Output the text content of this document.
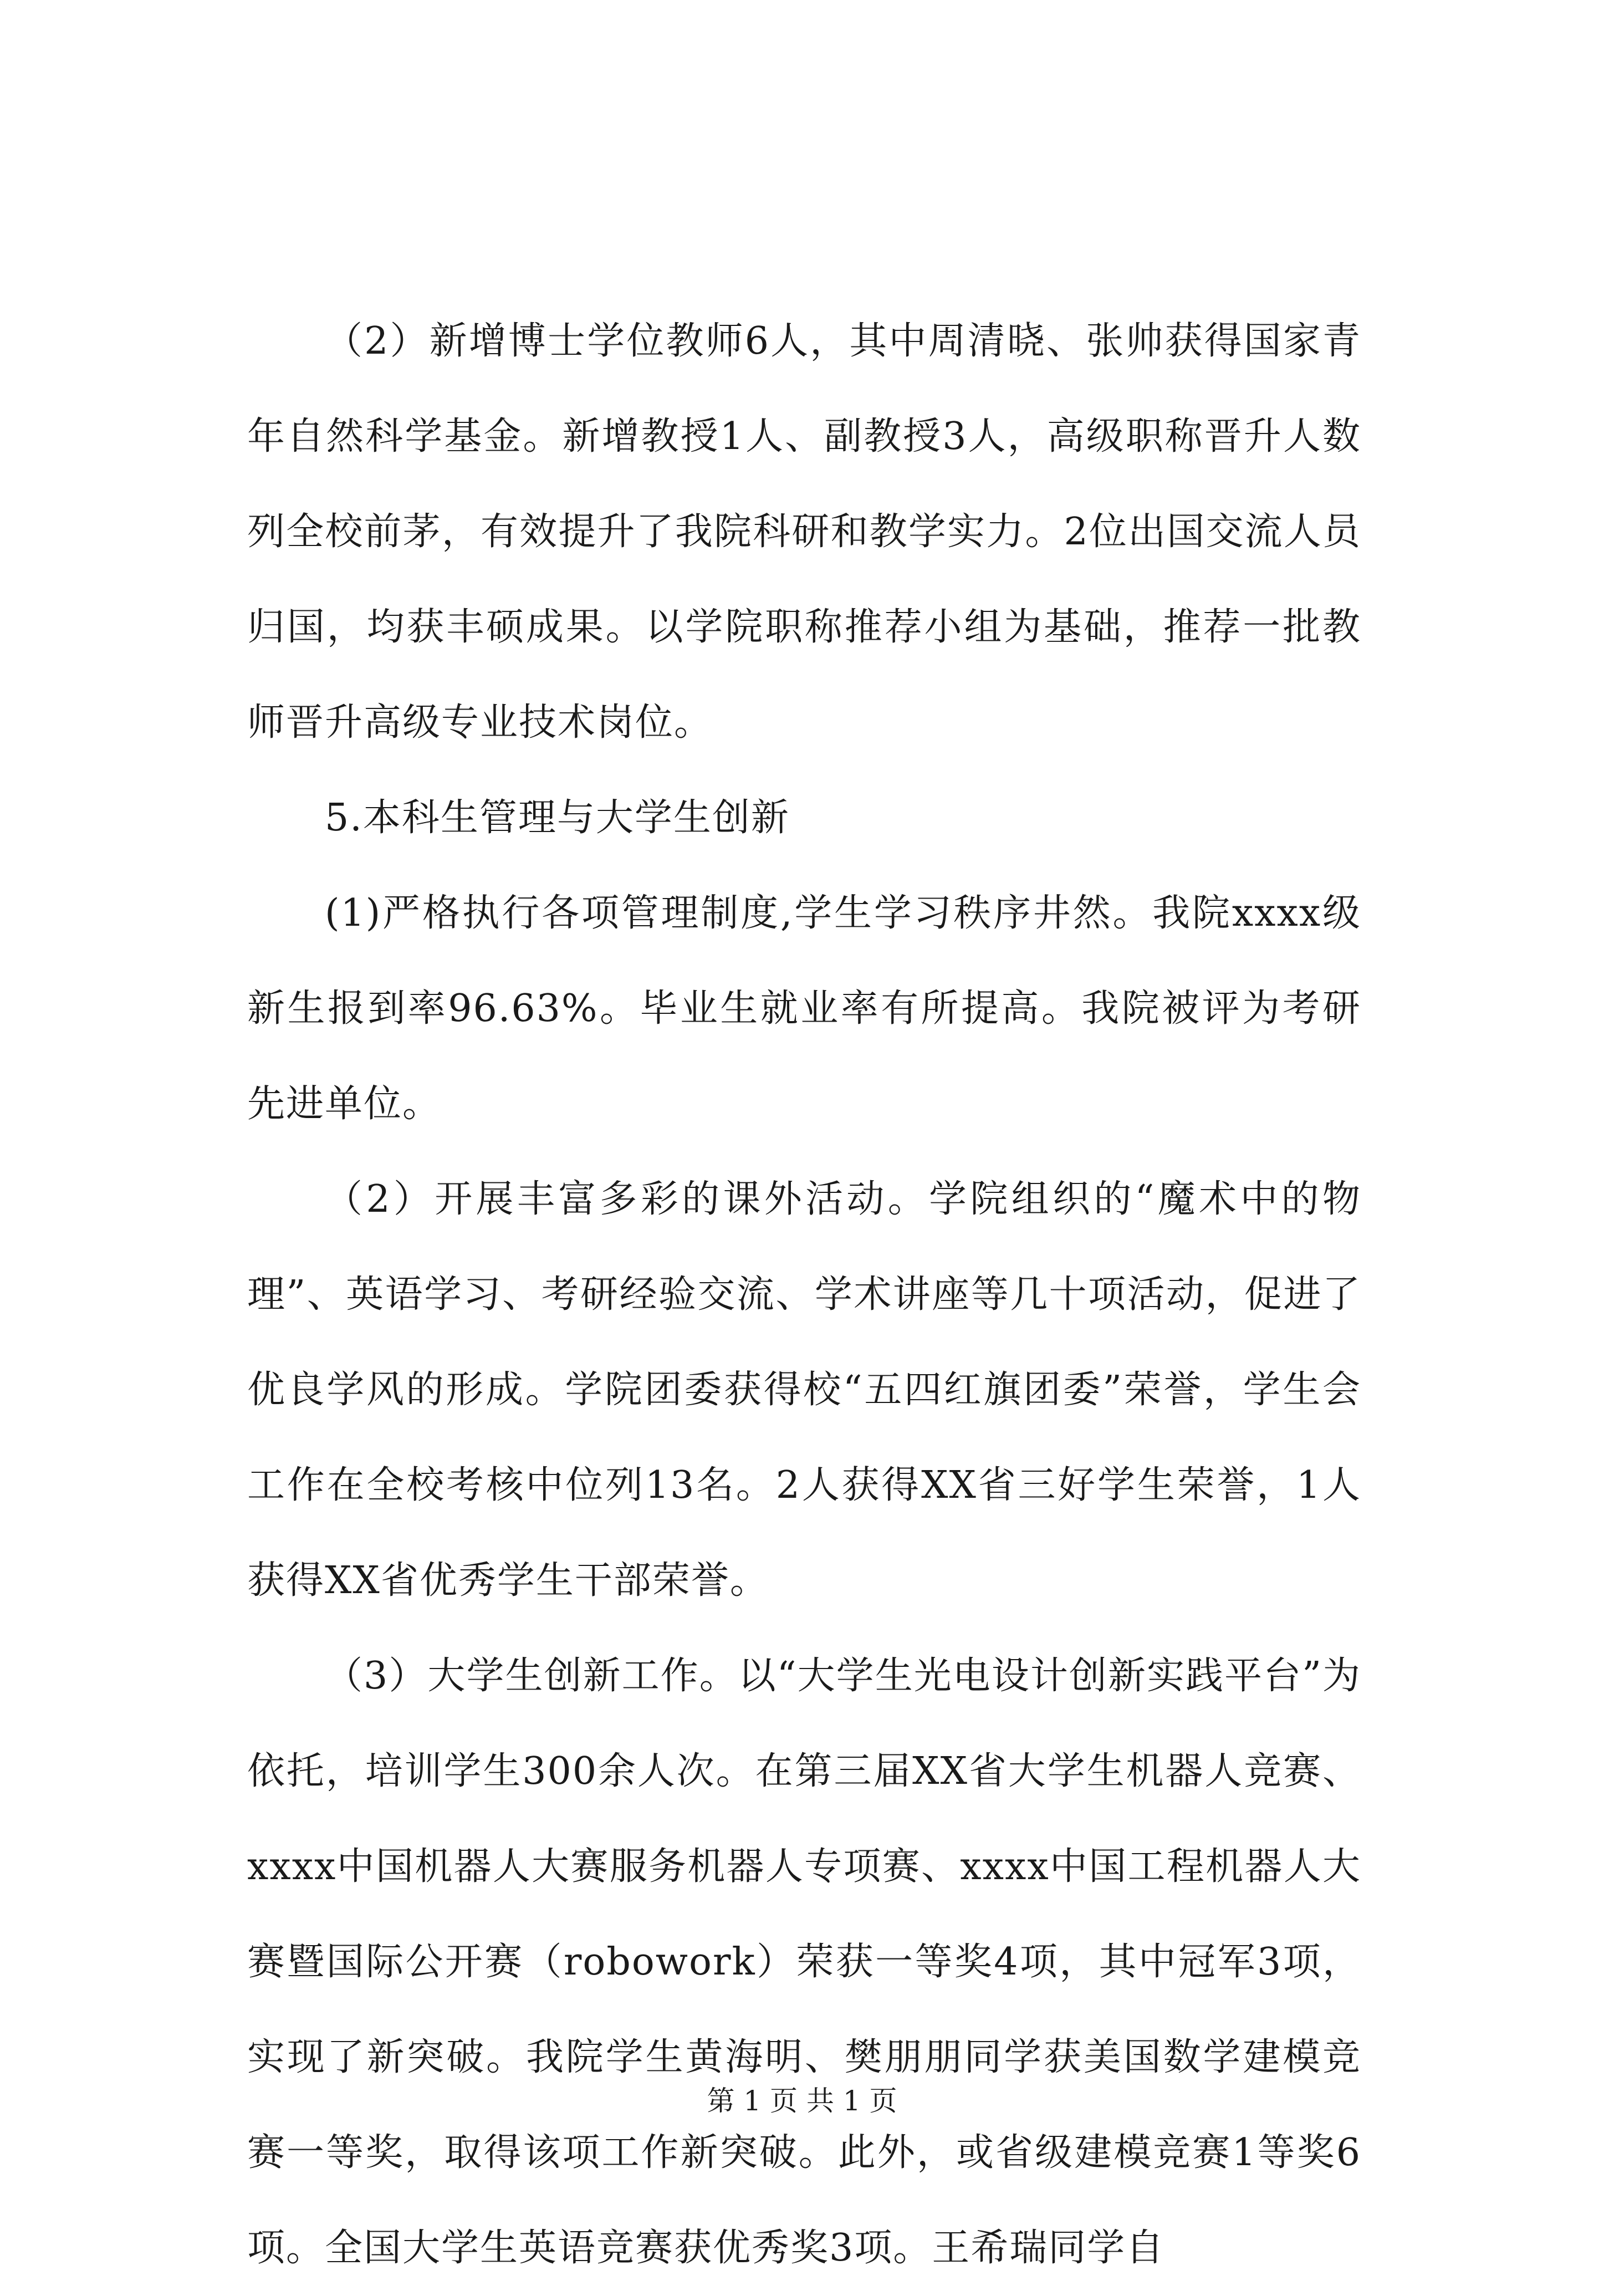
（2）新增博士学位教师6人，其中周清晓、张帅获得国家青年自然科学基金。新增教授1人、副教授3人，高级职称晋升人数列全校前茅，有效提升了我院科研和教学实力。2位出国交流人员归国，均获丰硕成果。以学院职称推荐小组为基础，推荐一批教师晋升高级专业技术岗位。

5.本科生管理与大学生创新

(1)严格执行各项管理制度,学生学习秩序井然。我院xxxx级新生报到率96.63%。毕业生就业率有所提高。我院被评为考研先进单位。

（2）开展丰富多彩的课外活动。学院组织的“魔术中的物理”、英语学习、考研经验交流、学术讲座等几十项活动，促进了优良学风的形成。学院团委获得校“五四红旗团委”荣誉，学生会工作在全校考核中位列13名。2人获得XX省三好学生荣誉，1人获得XX省优秀学生干部荣誉。

（3）大学生创新工作。以“大学生光电设计创新实践平台”为依托，培训学生300余人次。在第三届XX省大学生机器人竞赛、xxxx中国机器人大赛服务机器人专项赛、xxxx中国工程机器人大赛暨国际公开赛（robowork）荣获一等奖4项，其中冠军3项，实现了新突破。我院学生黄海明、樊朋朋同学获美国数学建模竞赛一等奖，取得该项工作新突破。此外，或省级建模竞赛1等奖6项。全国大学生英语竞赛获优秀奖3项。王希瑞同学自

第 1 页 共 1 页
